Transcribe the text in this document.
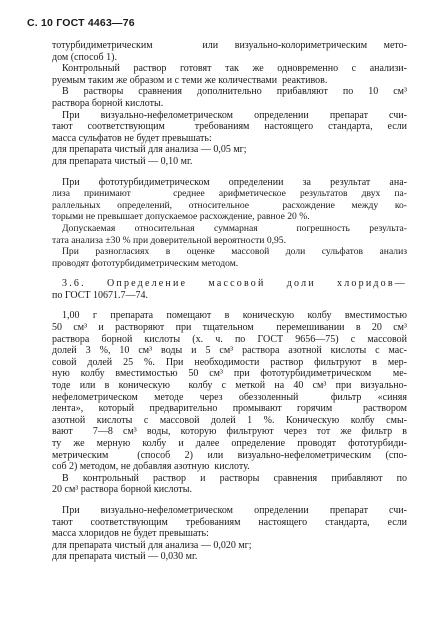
С. 10 ГОСТ 4463—76
тотурбидиметрическим   или визуально-колориметрическим мето-
дом (способ 1).
Контрольный раствор готовят так же одновременно с анализи-
руемым таким же образом и с теми же количествами  реактивов.
В растворы сравнения дополнительно прибавляют по 10 см³
раствора борной кислоты.
При визуально-нефелометрическом определении препарат счи-
тают соответствующим  требованиям настоящего стандарта, если
масса сульфатов не будет превышать:
для препарата чистый для анализа — 0,05 мг;
для препарата чистый — 0,10 мг.
При фототурбидиметрическом определении за результат ана-
лиза принимают   среднее арифметическое результатов двух па-
раллельных определений, относительное  расхождение между ко-
торыми не превышает допускаемое расхождение, равное 20 %.
Допускаемая относительная суммарная  погрешность результа-
тата анализа ±30 % при доверительной вероятности 0,95.
При разногласиях в оценке массовой доли сульфатов анализ
проводят фототурбидиметрическим методом.
3.6.  Определение  массовой  доли  хлоридов—
по ГОСТ 10671.7—74.
1,00 г препарата помещают в коническую колбу вместимостью
50 см³ и растворяют при тщательном  перемешивании в 20 см³
раствора борной кислоты (х. ч. по ГОСТ 9656—75) с массовой
долей 3 %, 10 см³ воды и 5 см³ раствора азотной кислоты с мас-
совой долей 25 %. При необходимости раствор фильтруют в мер-
ную колбу вместимостью 50 см³ при фототурбидиметрическом  ме-
тоде или в коническую  колбу с меткой на 40 см³ при визуально-
нефелометрическом методе через обеззоленный  фильтр «синяя
лента», который предварительно промывают горячим  раствором
азотной кислоты с массовой долей 1 %. Коническую колбу смы-
вают  7—8 см³ воды, которую фильтруют через тот же фильтр в
ту же мерную колбу и далее определение проводят фототурбиди-
метрическим  (способ 2) или визуально-нефелометрическим (спо-
соб 2) методом, не добавляя азотную  кислоту.
В контрольный раствор и растворы сравнения прибавляют по
20 см³ раствора борной кислоты.
При визуально-нефелометрическом определении препарат счи-
тают соответствующим требованиям настоящего стандарта, если
масса хлоридов не будет превышать:
для препарата чистый для анализа — 0,020 мг;
для препарата чистый — 0,030 мг.
